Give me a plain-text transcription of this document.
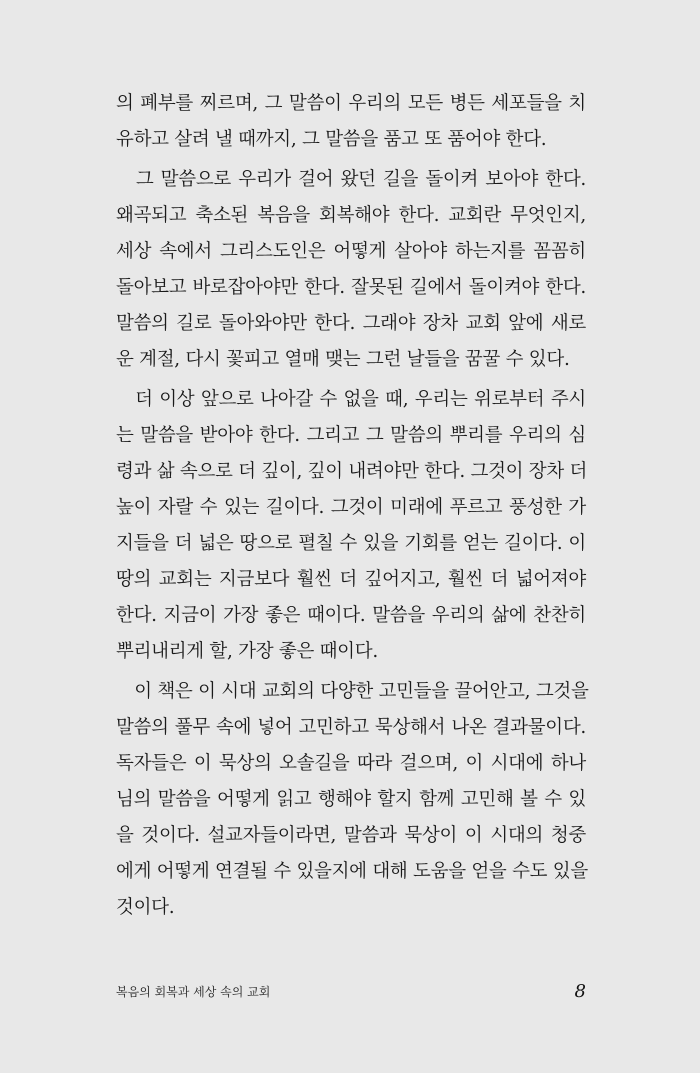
의 폐부를 찌르며, 그 말씀이 우리의 모든 병든 세포들을 치
유하고 살려 낼 때까지, 그 말씀을 품고 또 품어야 한다.
　그 말씀으로 우리가 걸어 왔던 길을 돌이켜 보아야 한다.
왜곡되고 축소된 복음을 회복해야 한다. 교회란 무엇인지,
세상 속에서 그리스도인은 어떻게 살아야 하는지를 꼼꼼히
돌아보고 바로잡아야만 한다. 잘못된 길에서 돌이켜야 한다.
말씀의 길로 돌아와야만 한다. 그래야 장차 교회 앞에 새로
운 계절, 다시 꽃피고 열매 맺는 그런 날들을 꿈꿀 수 있다.
　더 이상 앞으로 나아갈 수 없을 때, 우리는 위로부터 주시
는 말씀을 받아야 한다. 그리고 그 말씀의 뿌리를 우리의 심
령과 삶 속으로 더 깊이, 깊이 내려야만 한다. 그것이 장차 더
높이 자랄 수 있는 길이다. 그것이 미래에 푸르고 풍성한 가
지들을 더 넓은 땅으로 펼칠 수 있을 기회를 얻는 길이다. 이
땅의 교회는 지금보다 훨씬 더 깊어지고, 훨씬 더 넓어져야
한다. 지금이 가장 좋은 때이다. 말씀을 우리의 삶에 찬찬히
뿌리내리게 할, 가장 좋은 때이다.
　이 책은 이 시대 교회의 다양한 고민들을 끌어안고, 그것을
말씀의 풀무 속에 넣어 고민하고 묵상해서 나온 결과물이다.
독자들은 이 묵상의 오솔길을 따라 걸으며, 이 시대에 하나
님의 말씀을 어떻게 읽고 행해야 할지 함께 고민해 볼 수 있
을 것이다. 설교자들이라면, 말씀과 묵상이 이 시대의 청중
에게 어떻게 연결될 수 있을지에 대해 도움을 얻을 수도 있을
것이다.
복음의 회복과 세상 속의 교회	8
